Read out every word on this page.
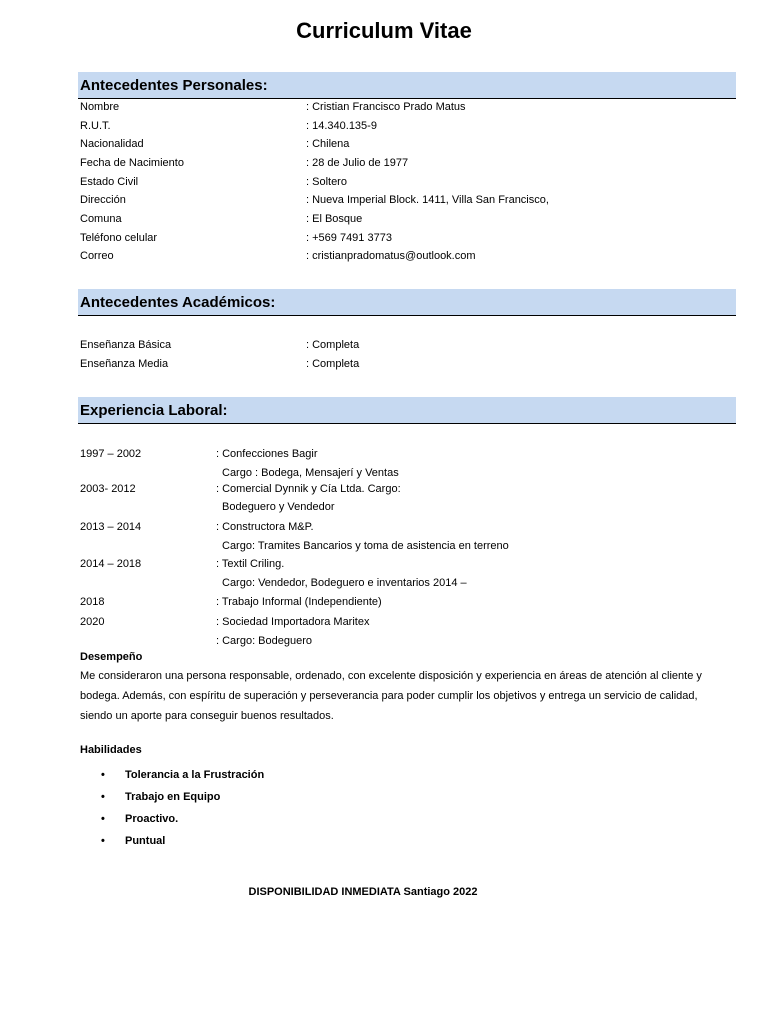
Curriculum Vitae
Antecedentes Personales:
Nombre	: Cristian Francisco Prado Matus
R.U.T.	: 14.340.135-9
Nacionalidad	: Chilena
Fecha de Nacimiento	: 28 de Julio de 1977
Estado Civil	: Soltero
Dirección	: Nueva Imperial Block. 1411, Villa San Francisco,
Comuna	: El Bosque
Teléfono celular	: +569 7491 3773
Correo	: cristianpradomatus@outlook.com
Antecedentes Académicos:
Enseñanza Básica	: Completa
Enseñanza Media	: Completa
Experiencia Laboral:
1997 – 2002	: Confecciones Bagir
Cargo : Bodega, Mensajerí y Ventas
2003- 2012	: Comercial Dynnik y Cía Ltda. Cargo:
Bodeguero y Vendedor
2013 – 2014	: Constructora M&P.
Cargo: Tramites Bancarios y toma de asistencia en terreno
2014 – 2018	: Textil Criling.
Cargo: Vendedor, Bodeguero e inventarios 2014 –
2018	: Trabajo Informal (Independiente)
2020	: Sociedad Importadora Maritex
: Cargo: Bodeguero
Desempeño
Me consideraron una persona responsable, ordenado, con excelente disposición y experiencia en áreas de atención al cliente y bodega. Además, con espíritu de superación y perseverancia para poder cumplir los objetivos y entrega un servicio de calidad, siendo un aporte para conseguir buenos resultados.
Habilidades
• Tolerancia a la Frustración
• Trabajo en Equipo
• Proactivo.
• Puntual
DISPONIBILIDAD INMEDIATA Santiago 2022
